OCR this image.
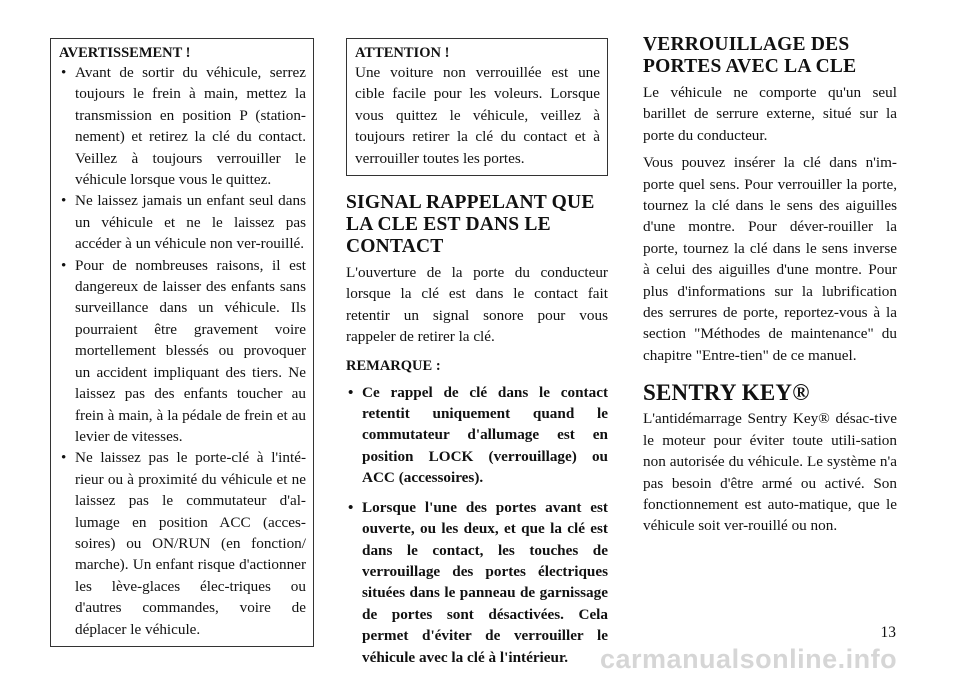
AVERTISSEMENT !
• Avant de sortir du véhicule, serrez toujours le frein à main, mettez la transmission en position P (station-nement) et retirez la clé du contact. Veillez à toujours verrouiller le véhicule lorsque vous le quittez.
• Ne laissez jamais un enfant seul dans un véhicule et ne le laissez pas accéder à un véhicule non ver-rouillé.
• Pour de nombreuses raisons, il est dangereux de laisser des enfants sans surveillance dans un véhicule. Ils pourraient être gravement voire mortellement blessés ou provoquer un accident impliquant des tiers. Ne laissez pas des enfants toucher au frein à main, à la pédale de frein et au levier de vitesses.
• Ne laissez pas le porte-clé à l'inté-rieur ou à proximité du véhicule et ne laissez pas le commutateur d'al-lumage en position ACC (acces-soires) ou ON/RUN (en fonction/ marche). Un enfant risque d'actionner les lève-glaces élec-triques ou d'autres commandes, voire de déplacer le véhicule.
ATTENTION !
Une voiture non verrouillée est une cible facile pour les voleurs. Lorsque vous quittez le véhicule, veillez à toujours retirer la clé du contact et à verrouiller toutes les portes.
SIGNAL RAPPELANT QUE LA CLE EST DANS LE CONTACT

L'ouverture de la porte du conducteur lorsque la clé est dans le contact fait retentir un signal sonore pour vous rappeler de retirer la clé.

REMARQUE :
• Ce rappel de clé dans le contact retentit uniquement quand le commutateur d'allumage est en position LOCK (verrouillage) ou ACC (accessoires).
• Lorsque l'une des portes avant est ouverte, ou les deux, et que la clé est dans le contact, les touches de verrouillage des portes électriques situées dans le panneau de garnissage de portes sont désactivées. Cela permet d'éviter de verrouiller le véhicule avec la clé à l'intérieur.
VERROUILLAGE DES PORTES AVEC LA CLE

Le véhicule ne comporte qu'un seul barillet de serrure externe, situé sur la porte du conducteur.

Vous pouvez insérer la clé dans n'im-porte quel sens. Pour verrouiller la porte, tournez la clé dans le sens des aiguilles d'une montre. Pour déver-rouiller la porte, tournez la clé dans le sens inverse à celui des aiguilles d'une montre. Pour plus d'informations sur la lubrification des serrures de porte, reportez-vous à la section "Méthodes de maintenance" du chapitre "Entre-tien" de ce manuel.

SENTRY KEY®

L'antidémarrage Sentry Key® désac-tive le moteur pour éviter toute utili-sation non autorisée du véhicule. Le système n'a pas besoin d'être armé ou activé. Son fonctionnement est auto-matique, que le véhicule soit ver-rouillé ou non.

13
carmanualsonline.info
